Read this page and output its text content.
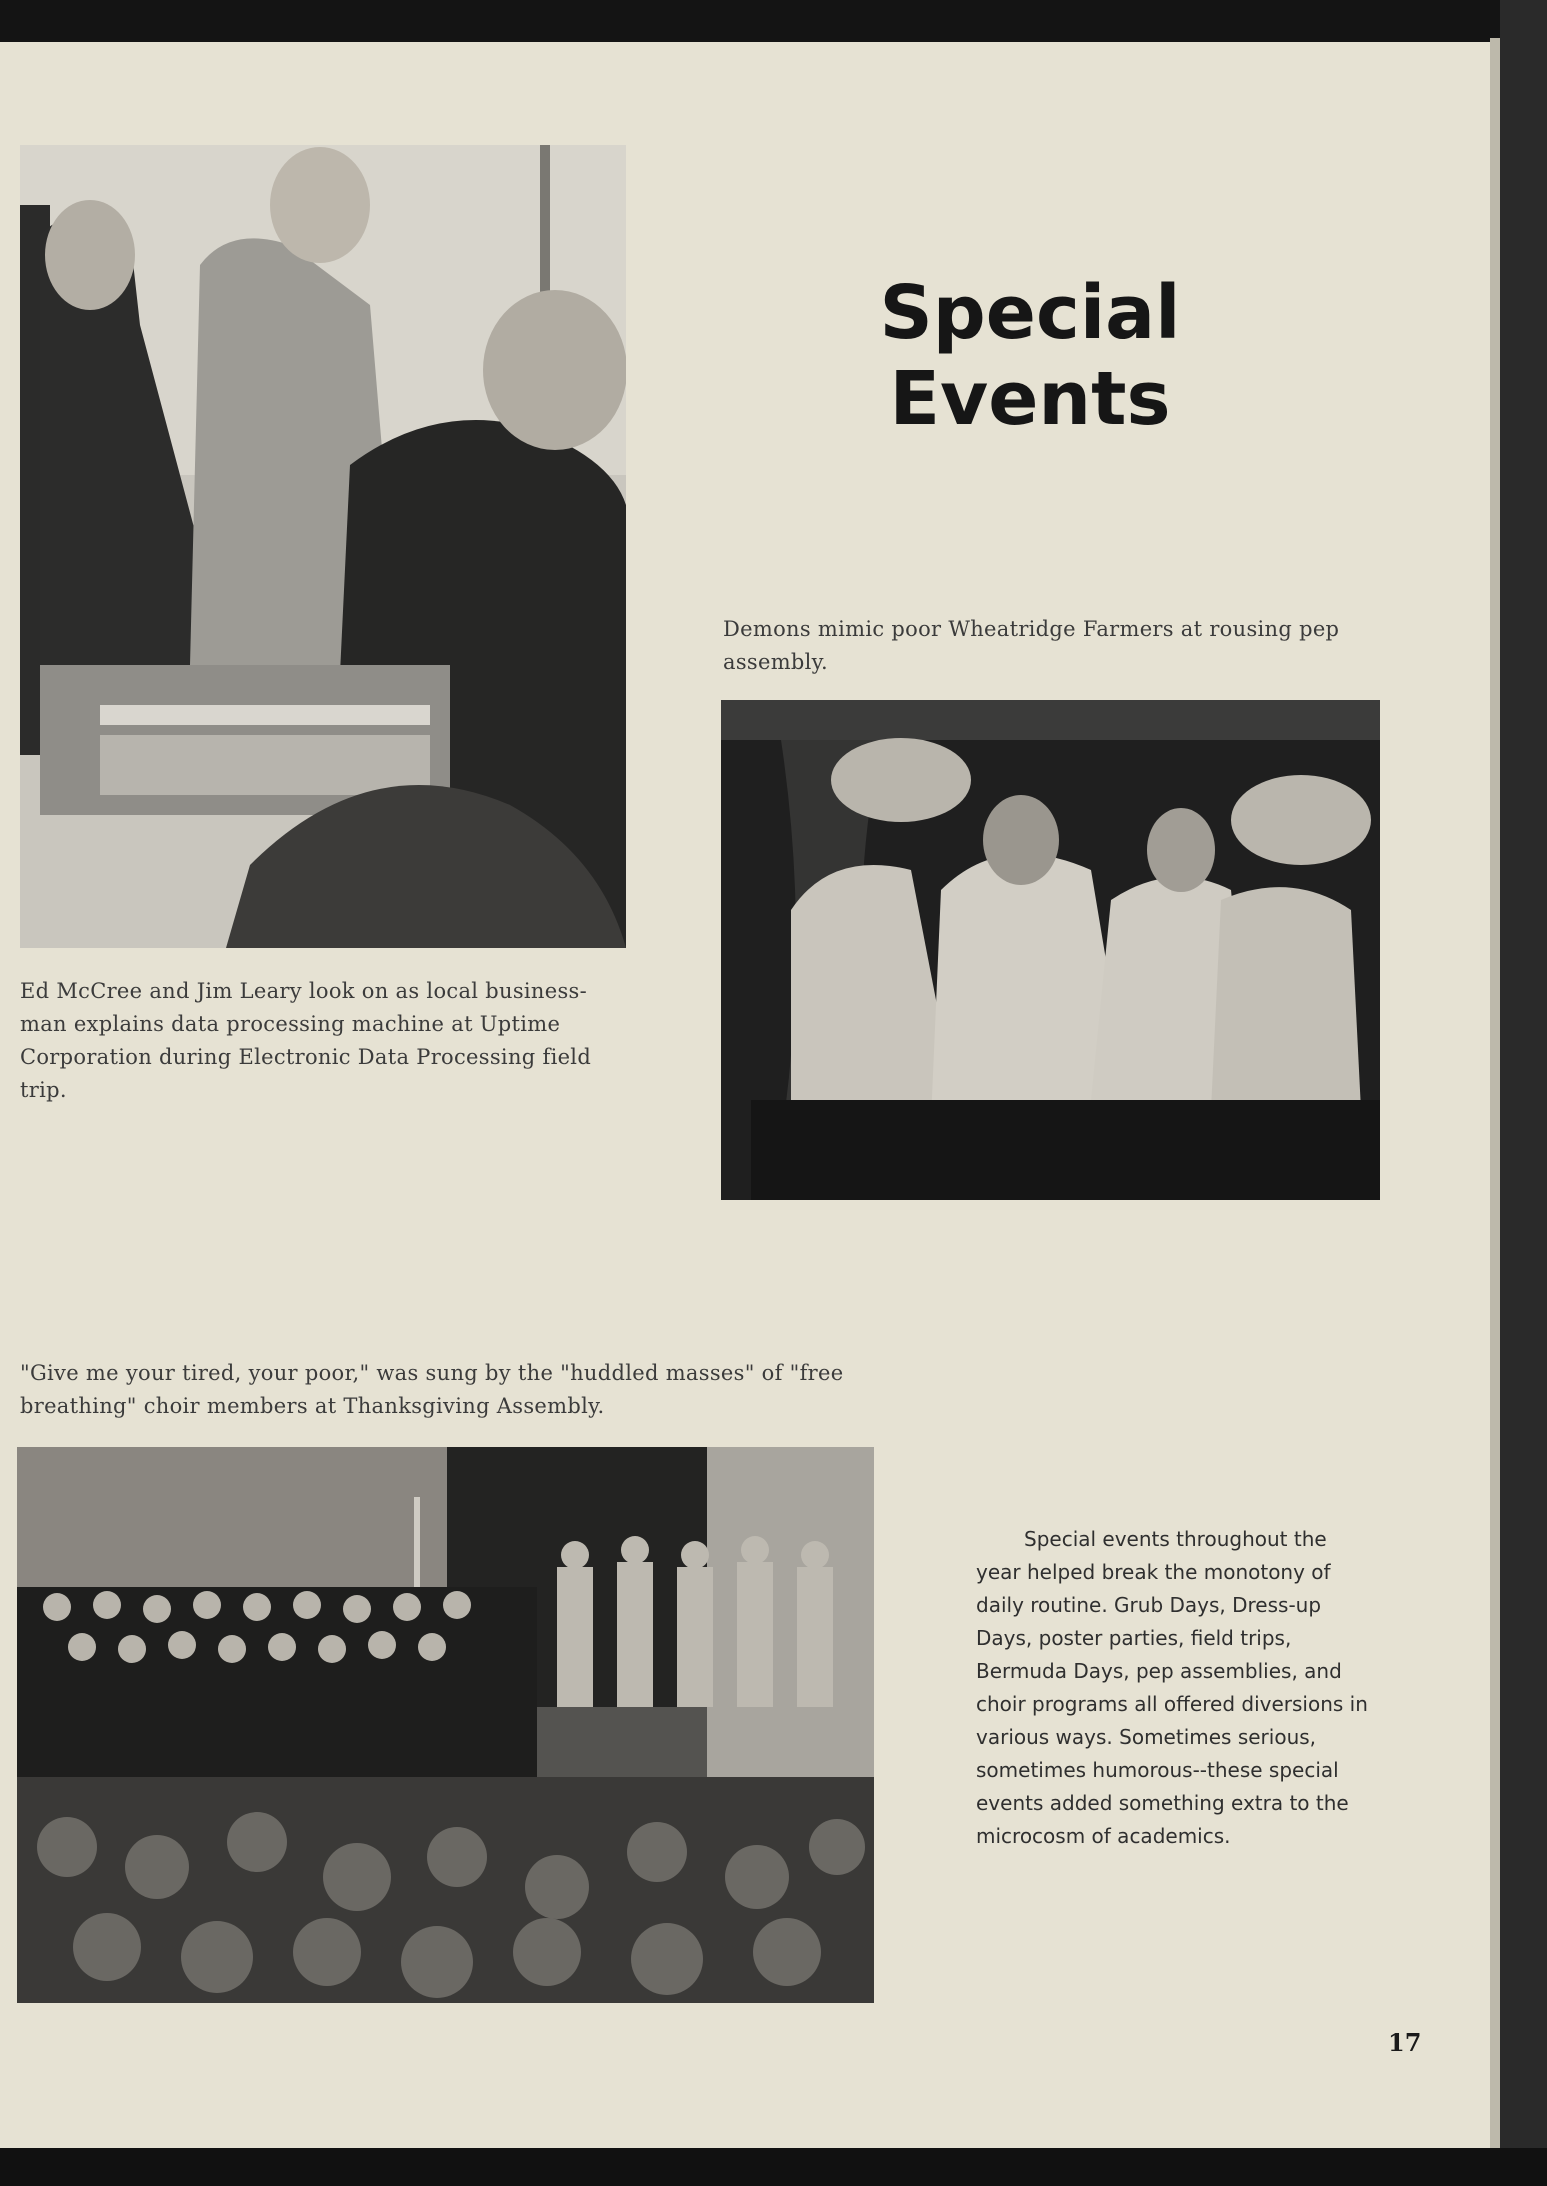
Special
Events
Demons mimic poor Wheatridge Farmers at rousing pep assembly.
Ed McCree and Jim Leary look on as local business-man explains data processing machine at Uptime Corporation during Electronic Data Processing field trip.
"Give me your tired, your poor," was sung by the "huddled masses" of "free breathing" choir members at Thanksgiving Assembly.
Special events throughout the year helped break the monotony of daily routine. Grub Days, Dress-up Days, poster parties, field trips, Bermuda Days, pep assemblies, and choir programs all offered diversions in various ways. Sometimes serious, sometimes humorous--these special events added something extra to the microcosm of academics.
17
